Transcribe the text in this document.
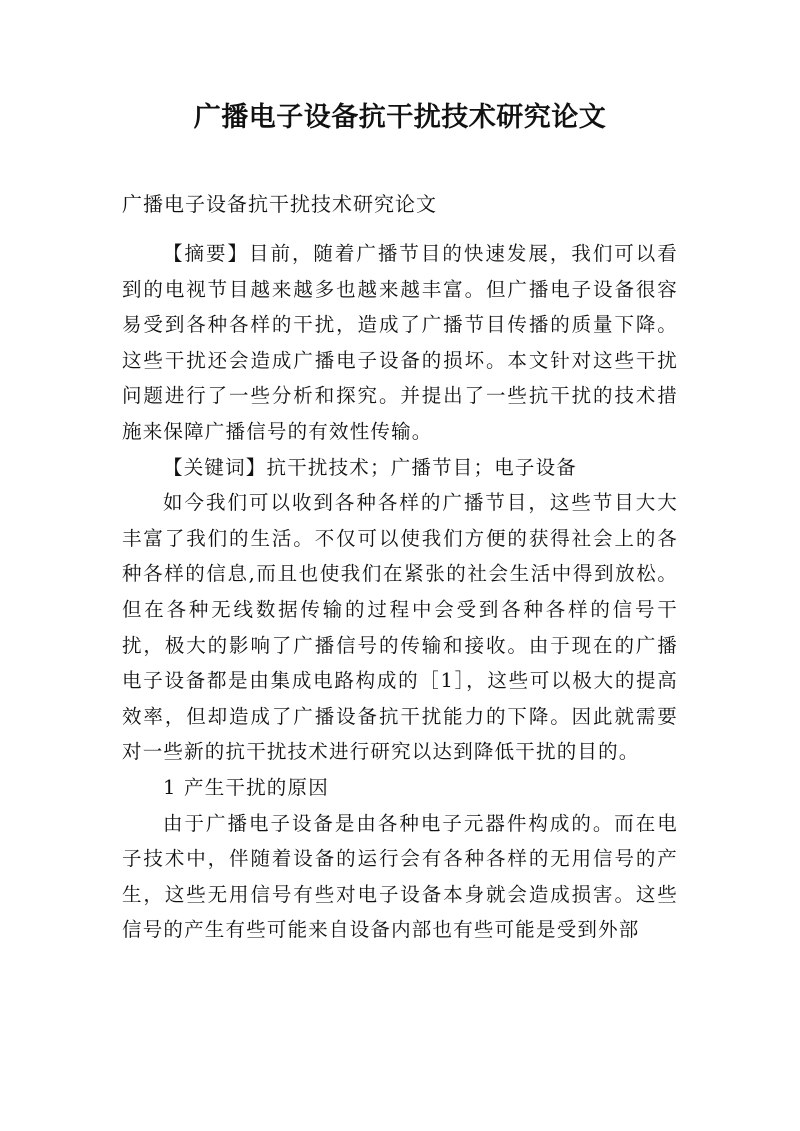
广播电子设备抗干扰技术研究论文

广播电子设备抗干扰技术研究论文

【摘要】目前，随着广播节目的快速发展，我们可以看到的电视节目越来越多也越来越丰富。但广播电子设备很容易受到各种各样的干扰，造成了广播节目传播的质量下降。这些干扰还会造成广播电子设备的损坏。本文针对这些干扰问题进行了一些分析和探究。并提出了一些抗干扰的技术措施来保障广播信号的有效性传输。

【关键词】抗干扰技术；广播节目；电子设备

如今我们可以收到各种各样的广播节目，这些节目大大丰富了我们的生活。不仅可以使我们方便的获得社会上的各种各样的信息,而且也使我们在紧张的社会生活中得到放松。但在各种无线数据传输的过程中会受到各种各样的信号干扰，极大的影响了广播信号的传输和接收。由于现在的广播电子设备都是由集成电路构成的［1］，这些可以极大的提高效率，但却造成了广播设备抗干扰能力的下降。因此就需要对一些新的抗干扰技术进行研究以达到降低干扰的目的。

1 产生干扰的原因

由于广播电子设备是由各种电子元器件构成的。而在电子技术中，伴随着设备的运行会有各种各样的无用信号的产生，这些无用信号有些对电子设备本身就会造成损害。这些信号的产生有些可能来自设备内部也有些可能是受到外部
